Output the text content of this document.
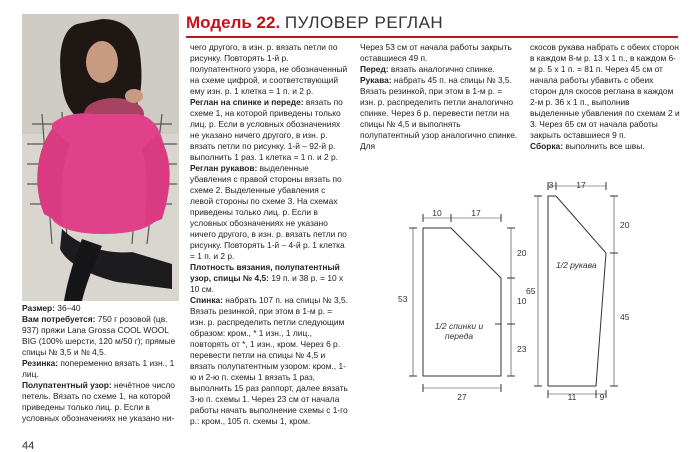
Модель 22. ПУЛОВЕР РЕГЛАН

Размер: 36–40

Вам потребуется: 750 г розовой (цв. 937) пряжи Lana Grossa COOL WOOL BIG (100% шерсти, 120 м/50 г); прямые спицы № 3,5 и № 4,5.

Резинка: попеременно вязать 1 изн., 1 лиц.

Полупатентный узор: нечётное число петель. Вязать по схеме 1, на которой приведены только лиц. р. Если в условных обозначениях не указано ни-

чего другого, в изн. р. вязать петли по рисунку. Повторять 1-й р. полупатентного узора, не обозначенный на схеме цифрой, и соответствующий ему изн. р. 1 клетка = 1 п. и 2 р.

Реглан на спинке и переде: вязать по схеме 1, на которой приведены только лиц. р. Если в условных обозначениях не указано ничего другого, в изн. р. вязать петли по рисунку. 1-й – 92-й р. выполнить 1 раз. 1 клетка = 1 п. и 2 р.

Реглан рукавов: выделенные убавления с правой стороны вязать по схеме 2. Выделенные убавления с левой стороны по схеме 3. На схемах приведены только лиц. р. Если в условных обозначениях не указано ничего другого, в изн. р. вязать петли по рисунку. Повторять 1-й – 4-й р. 1 клетка = 1 п. и 2 р.

Плотность вязания, полупатентный узор, спицы № 4,5: 19 п. и 38 р. = 10 х 10 см.

Спинка: набрать 107 п. на спицы № 3,5. Вязать резинкой, при этом в 1-м р. = изн. р. распределить петли следующим образом: кром., * 1 изн., 1 лиц., повторять от *, 1 изн., кром. Через 6 р. перевести петли на спицы № 4,5 и вязать полупатентным узором: кром., 1-ю и 2-ю п. схемы 1 вязать 1 раз, выполнить 15 раз раппорт, далее вязать 3-ю п. схемы 1. Через 23 см от начала работы начать выполнение схемы с 1-го р.: кром., 105 п. схемы 1, кром.

Через 53 см от начала работы закрыть оставшиеся 49 п.

Перед: вязать аналогично спинке.

Рукава: набрать 45 п. на спицы № 3,5. Вязать резинкой, при этом в 1-м р. = изн. р. распределить петли аналогично спинке. Через 6 р. перевести петли на спицы № 4,5 и выполнять полупатентный узор аналогично спинке. Для

скосов рукава набрать с обеих сторон в каждом 8-м р. 13 х 1 п., в каждом 6-м р. 5 х 1 п. = 81 п. Через 45 см от начала работы убавить с обеих сторон для скосов реглана в каждом 2-м р. 36 х 1 п., выполнив выделенные убавления по схемам 2 и 3. Через 65 см от начала работы закрыть оставшиеся 9 п.

Сборка: выполнить все швы.

10	17
20
10
23
53
27
1/2 спинки и переда
3	17
20
45
65
11	9
1/2 рукава
44
